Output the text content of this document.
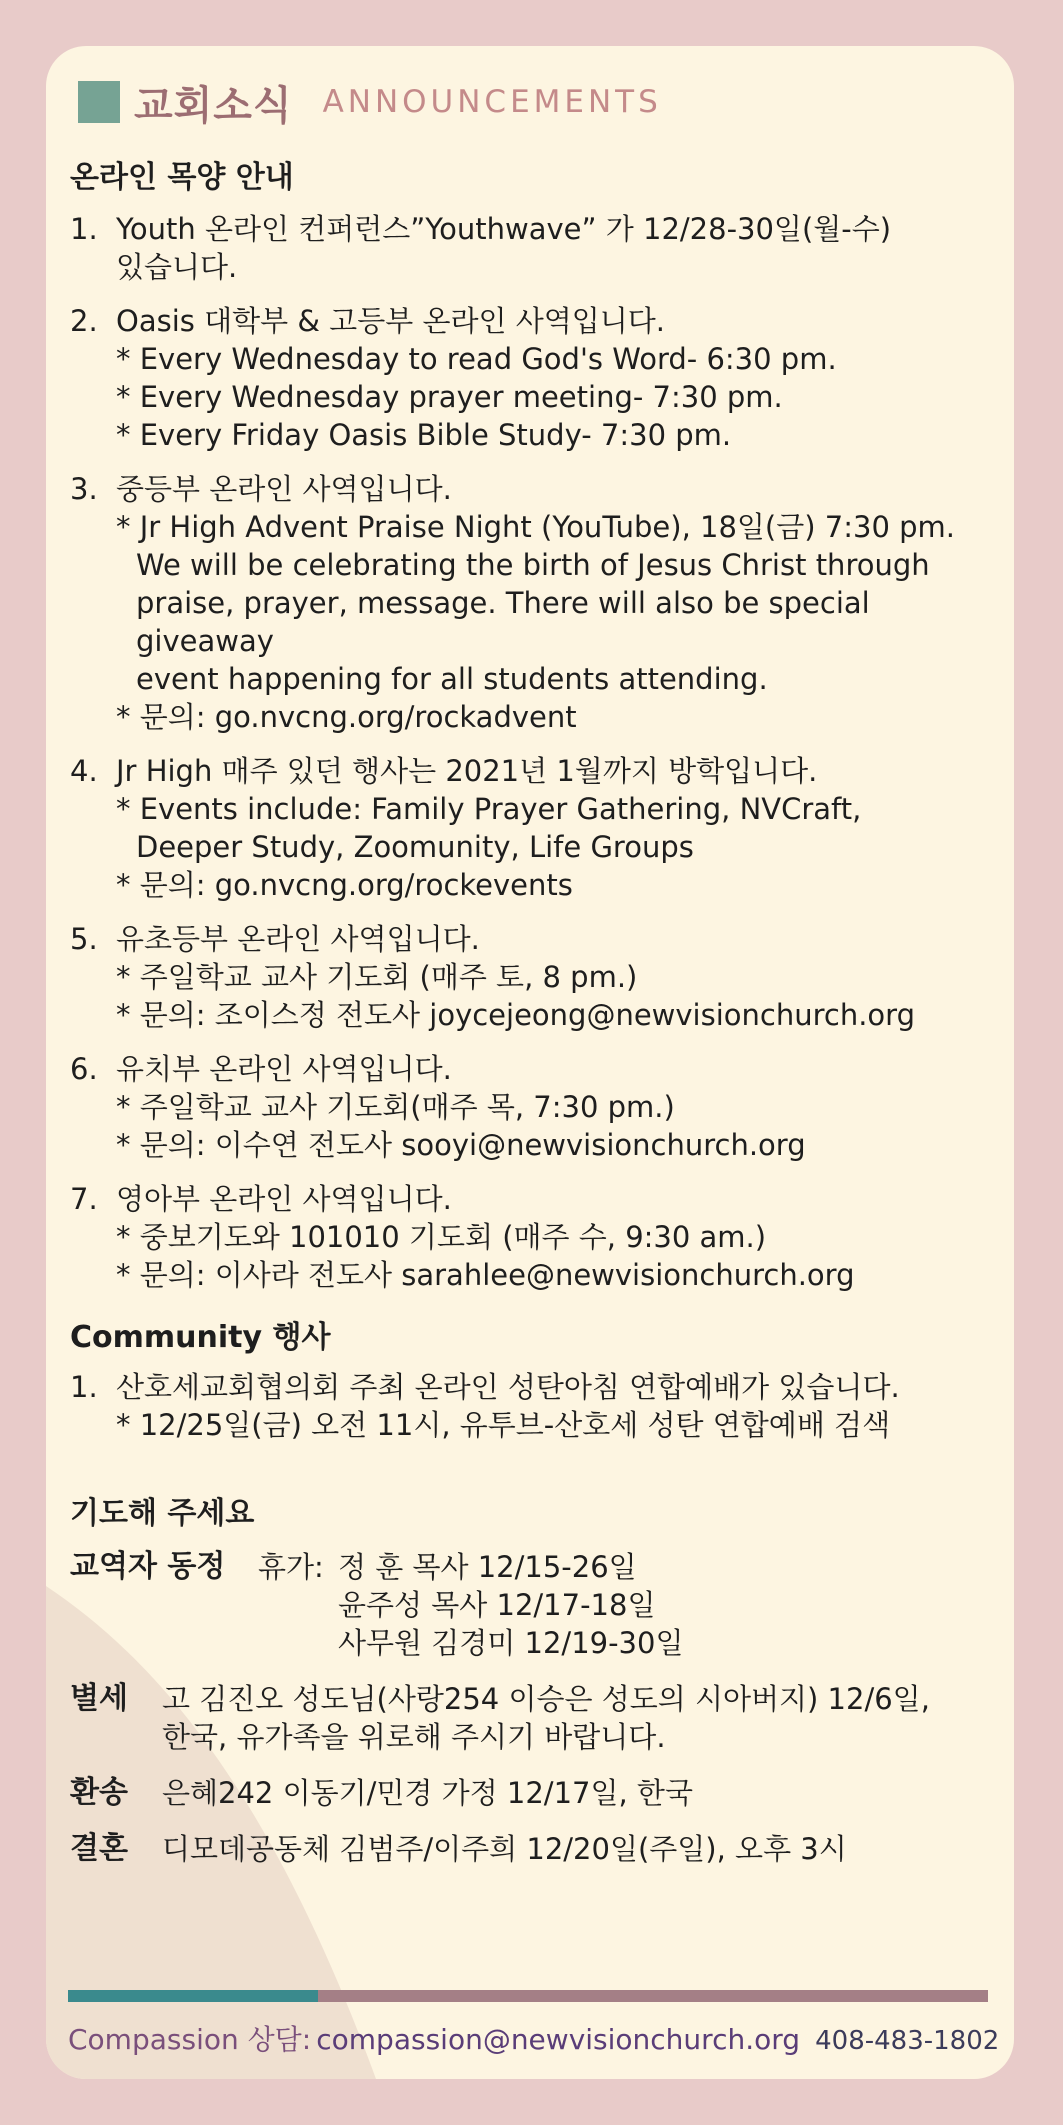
교회소식 ANNOUNCEMENTS
온라인 목양 안내
1. Youth 온라인 컨퍼런스”Youthwave” 가 12/28-30일(월-수)
있습니다.
2. Oasis 대학부 & 고등부 온라인 사역입니다.
* Every Wednesday to read God's Word- 6:30 pm.
* Every Wednesday prayer meeting- 7:30 pm.
* Every Friday Oasis Bible Study- 7:30 pm.
3. 중등부 온라인 사역입니다.
* Jr High Advent Praise Night (YouTube), 18일(금) 7:30 pm.
We will be celebrating the birth of Jesus Christ through
praise, prayer, message. There will also be special giveaway
event happening for all students attending.
* 문의: go.nvcng.org/rockadvent
4. Jr High 매주 있던 행사는 2021년 1월까지 방학입니다.
* Events include: Family Prayer Gathering, NVCraft,
Deeper Study, Zoomunity, Life Groups
* 문의: go.nvcng.org/rockevents
5. 유초등부 온라인 사역입니다.
* 주일학교 교사 기도회 (매주 토, 8 pm.)
* 문의: 조이스정 전도사 joycejeong@newvisionchurch.org
6. 유치부 온라인 사역입니다.
* 주일학교 교사 기도회(매주 목, 7:30 pm.)
* 문의: 이수연 전도사 sooyi@newvisionchurch.org
7. 영아부 온라인 사역입니다.
* 중보기도와 101010 기도회 (매주 수, 9:30 am.)
* 문의: 이사라 전도사 sarahlee@newvisionchurch.org
Community 행사
1. 산호세교회협의회 주최 온라인 성탄아침 연합예배가 있습니다.
* 12/25일(금) 오전 11시, 유투브-산호세 성탄 연합예배 검색
기도해 주세요
교역자 동정	휴가: 정 훈 목사 12/15-26일
윤주성 목사 12/17-18일
사무원 김경미 12/19-30일
별세	고 김진오 성도님(사랑254 이승은 성도의 시아버지) 12/6일,
한국, 유가족을 위로해 주시기 바랍니다.
환송	은혜242 이동기/민경 가정 12/17일, 한국
결혼	디모데공동체 김범주/이주희 12/20일(주일), 오후 3시
Compassion 상담: compassion@newvisionchurch.org 408-483-1802
